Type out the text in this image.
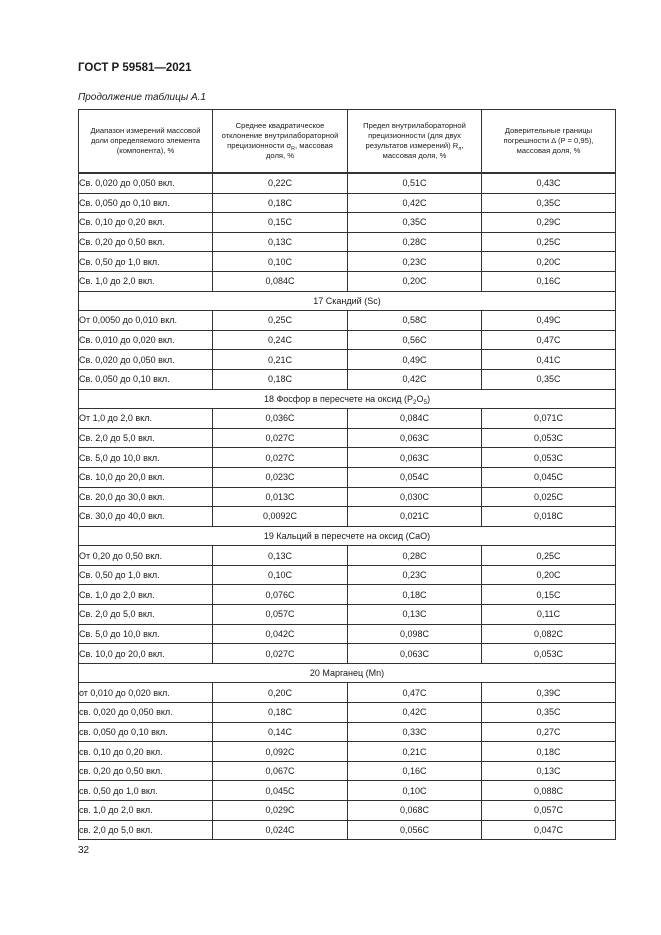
ГОСТ Р 59581—2021
Продолжение таблицы А.1
Диапазон измерений массовой доли определяемого элемента (компонента), %	Среднее квадратическое отклонение внутрилабораторной прецизионности $\sigma_R$, массовая доля, %	Предел внутрилабораторной прецизионности (для двух результатов измерений) $R_л$, массовая доля, %	Доверительные границы погрешности Δ (P = 0,95), массовая доля, %
Св. 0,020 до 0,050 вкл.	0,22C	0,51C	0,43C
Св. 0,050 до 0,10 вкл.	0,18C	0,42C	0,35C
Св. 0,10 до 0,20 вкл.	0,15C	0,35C	0,29C
Св. 0,20 до 0,50 вкл.	0,13C	0,28C	0,25C
Св. 0,50 до 1,0 вкл.	0,10C	0,23C	0,20C
Св. 1,0 до 2,0 вкл.	0,084C	0,20C	0,16C
17 Скандий (Sc)			
От 0,0050 до 0,010 вкл.	0,25C	0,58C	0,49C
Св. 0,010 до 0,020 вкл.	0,24C	0,56C	0,47C
Св. 0,020 до 0,050 вкл.	0,21C	0,49C	0,41C
Св. 0,050 до 0,10 вкл.	0,18C	0,42C	0,35C
18 Фосфор в пересчете на оксид $(P_2O_5)$			
От 1,0 до 2,0 вкл.	0,036C	0,084C	0,071C
Св. 2,0 до 5,0 вкл.	0,027C	0,063C	0,053C
Св. 5,0 до 10,0 вкл.	0,027C	0,063C	0,053C
Св. 10,0 до 20,0 вкл.	0,023C	0,054C	0,045C
Св. 20,0 до 30,0 вкл.	0,013C	0,030C	0,025C
Св. 30,0 до 40,0 вкл.	0,0092C	0,021C	0,018C
19 Кальций в пересчете на оксид (CaO)			
От 0,20 до 0,50 вкл.	0,13C	0,28C	0,25C
Св. 0,50 до 1,0 вкл.	0,10C	0,23C	0,20C
Св. 1,0 до 2,0 вкл.	0,076C	0,18C	0,15C
Св. 2,0 до 5,0 вкл.	0,057C	0,13C	0,11C
Св. 5,0 до 10,0 вкл.	0,042C	0,098C	0,082C
Св. 10,0 до 20,0 вкл.	0,027C	0,063C	0,053C
20 Марганец (Mn)			
от 0,010 до 0,020 вкл.	0,20C	0,47C	0,39C
св. 0,020 до 0,050 вкл.	0,18C	0,42C	0,35C
св. 0,050 до 0,10 вкл.	0,14C	0,33C	0,27C
св. 0,10 до 0,20 вкл.	0,092C	0,21C	0,18C
св. 0,20 до 0,50 вкл.	0,067C	0,16C	0,13C
св. 0,50 до 1,0 вкл.	0,045C	0,10C	0,088C
св. 1,0 до 2,0 вкл.	0,029C	0,068C	0,057C
св. 2,0 до 5,0 вкл.	0,024C	0,056C	0,047C
32
